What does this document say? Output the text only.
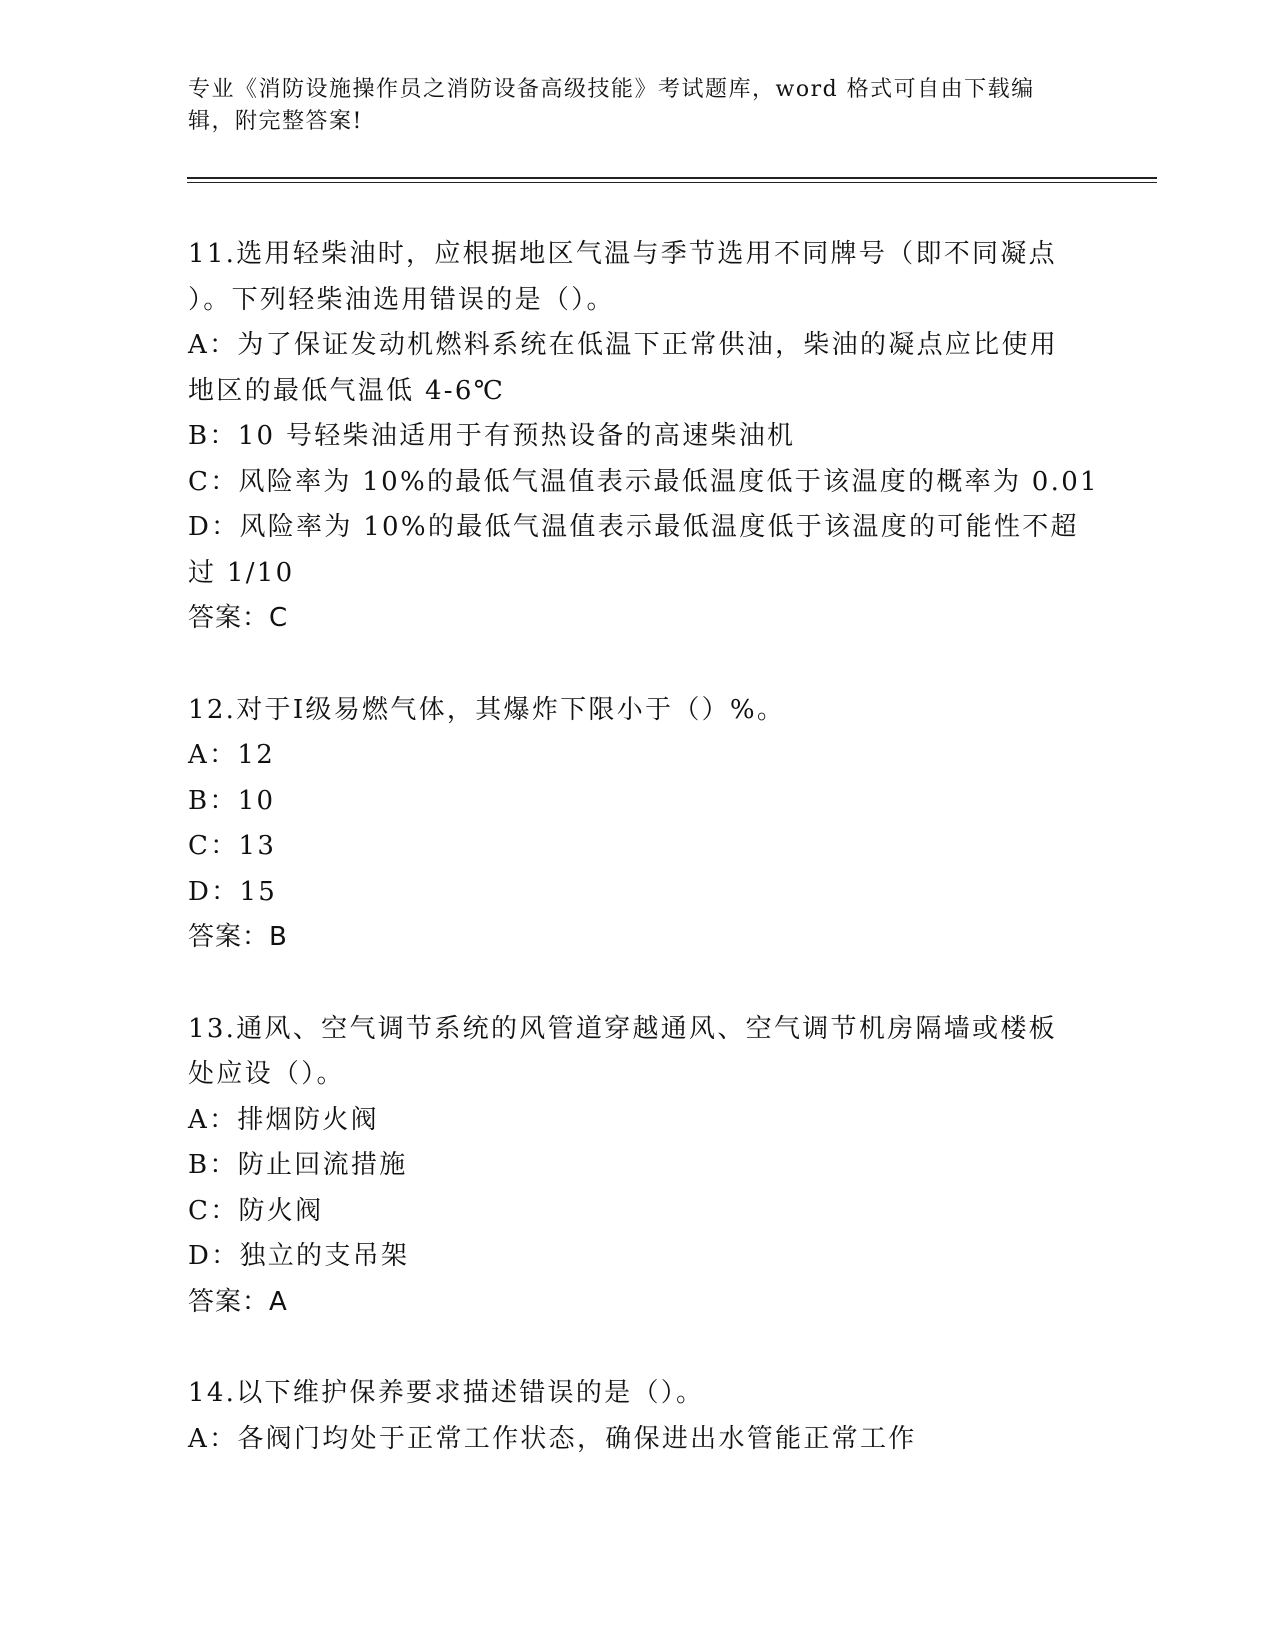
专业《消防设施操作员之消防设备高级技能》考试题库，word 格式可自由下载编
辑，附完整答案!

11.选用轻柴油时，应根据地区气温与季节选用不同牌号（即不同凝点

）。下列轻柴油选用错误的是（）。

A：为了保证发动机燃料系统在低温下正常供油，柴油的凝点应比使用

地区的最低气温低 4-6℃

B：10 号轻柴油适用于有预热设备的高速柴油机

C：风险率为 10%的最低气温值表示最低温度低于该温度的概率为 0.01

D：风险率为 10%的最低气温值表示最低温度低于该温度的可能性不超

过 1/10

答案：C

12.对于Ⅰ级易燃气体，其爆炸下限小于（）%。

A：12

B：10

C：13

D：15

答案：B

13.通风、空气调节系统的风管道穿越通风、空气调节机房隔墙或楼板

处应设（）。

A：排烟防火阀

B：防止回流措施

C：防火阀

D：独立的支吊架

答案：A

14.以下维护保养要求描述错误的是（）。

A：各阀门均处于正常工作状态，确保进出水管能正常工作
